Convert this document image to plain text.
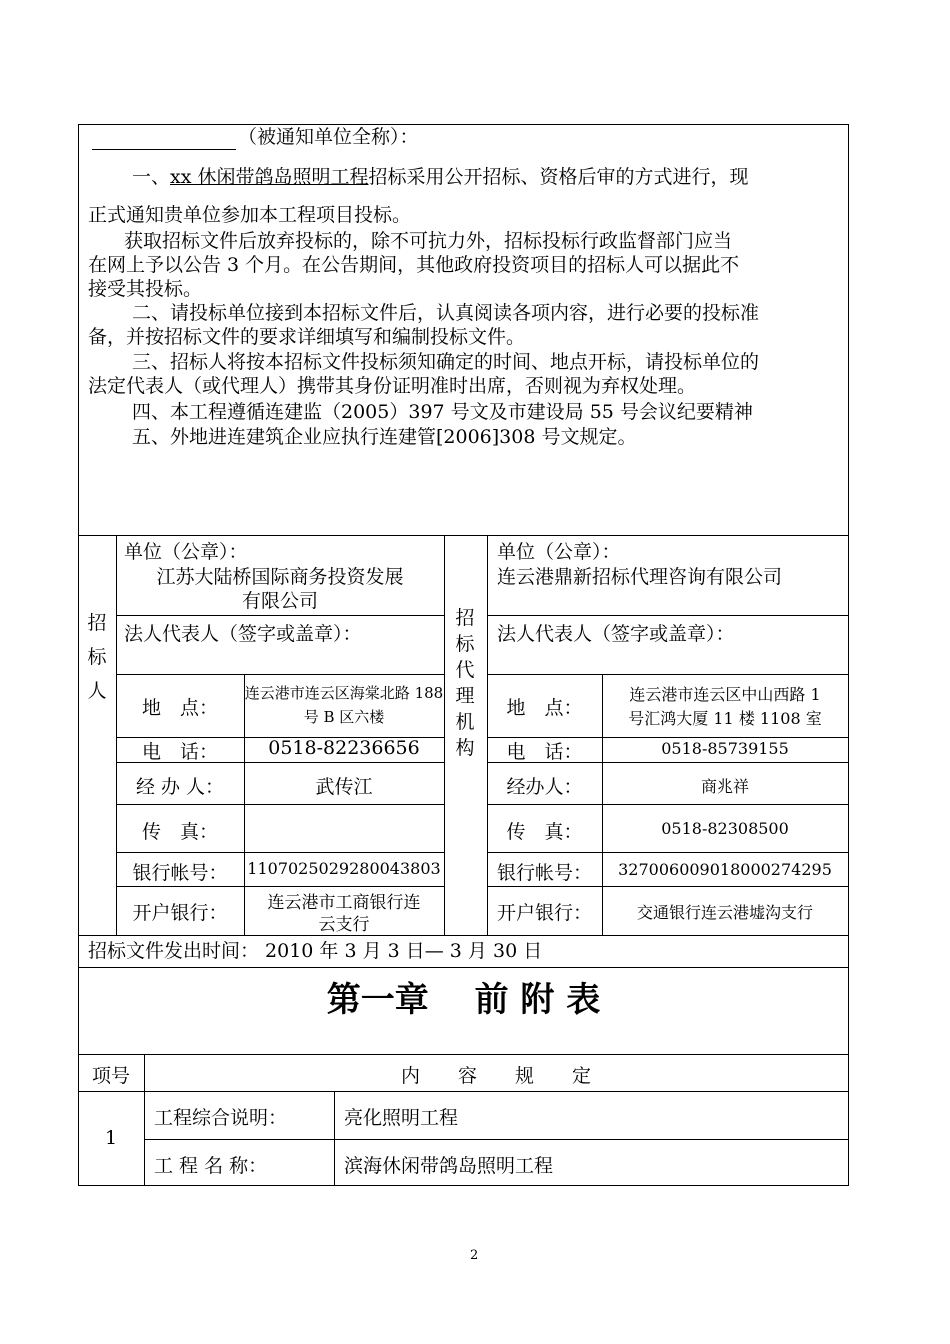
（被通知单位全称）：
一、xx 休闲带鸽岛照明工程招标采用公开招标、资格后审的方式进行，现
正式通知贵单位参加本工程项目投标。
获取招标文件后放弃投标的，除不可抗力外，招标投标行政监督部门应当
在网上予以公告 3 个月。在公告期间，其他政府投资项目的招标人可以据此不
接受其投标。
二、请投标单位接到本招标文件后，认真阅读各项内容，进行必要的投标准
备，并按招标文件的要求详细填写和编制投标文件。
三、招标人将按本招标文件投标须知确定的时间、地点开标，请投标单位的
法定代表人（或代理人）携带其身份证明准时出席，否则视为弃权处理。
四、本工程遵循连建监（2005）397 号文及市建设局 55 号会议纪要精神
五、外地进连建筑企业应执行连建管[2006]308 号文规定。
招
标
人
招
标
代
理
机
构
单位（公章）：
江苏大陆桥国际商务投资发展
有限公司
法人代表人（签字或盖章）：
地　点：
连云港市连云区海棠北路 188
号 B 区六楼
电　话：	0518-82236656
经 办 人：	武传江
传　真：
银行帐号：	1107025029280043803
开户银行：	连云港市工商银行连
云支行
单位（公章）：
连云港鼎新招标代理咨询有限公司
法人代表人（签字或盖章）：
地　点：
连云港市连云区中山西路 1
号汇鸿大厦 11 楼 1108 室
电　话：	0518-85739155
经办人：	商兆祥
传　真：	0518-82308500
银行帐号：	327006009018000274295
开户银行：	交通银行连云港墟沟支行
招标文件发出时间： 2010 年 3 月 3 日— 3 月 30 日
第一章　 前 附 表
项号	内　　容　　规　　定
1
工程综合说明：	亮化照明工程
工 程 名 称：	滨海休闲带鸽岛照明工程
2
